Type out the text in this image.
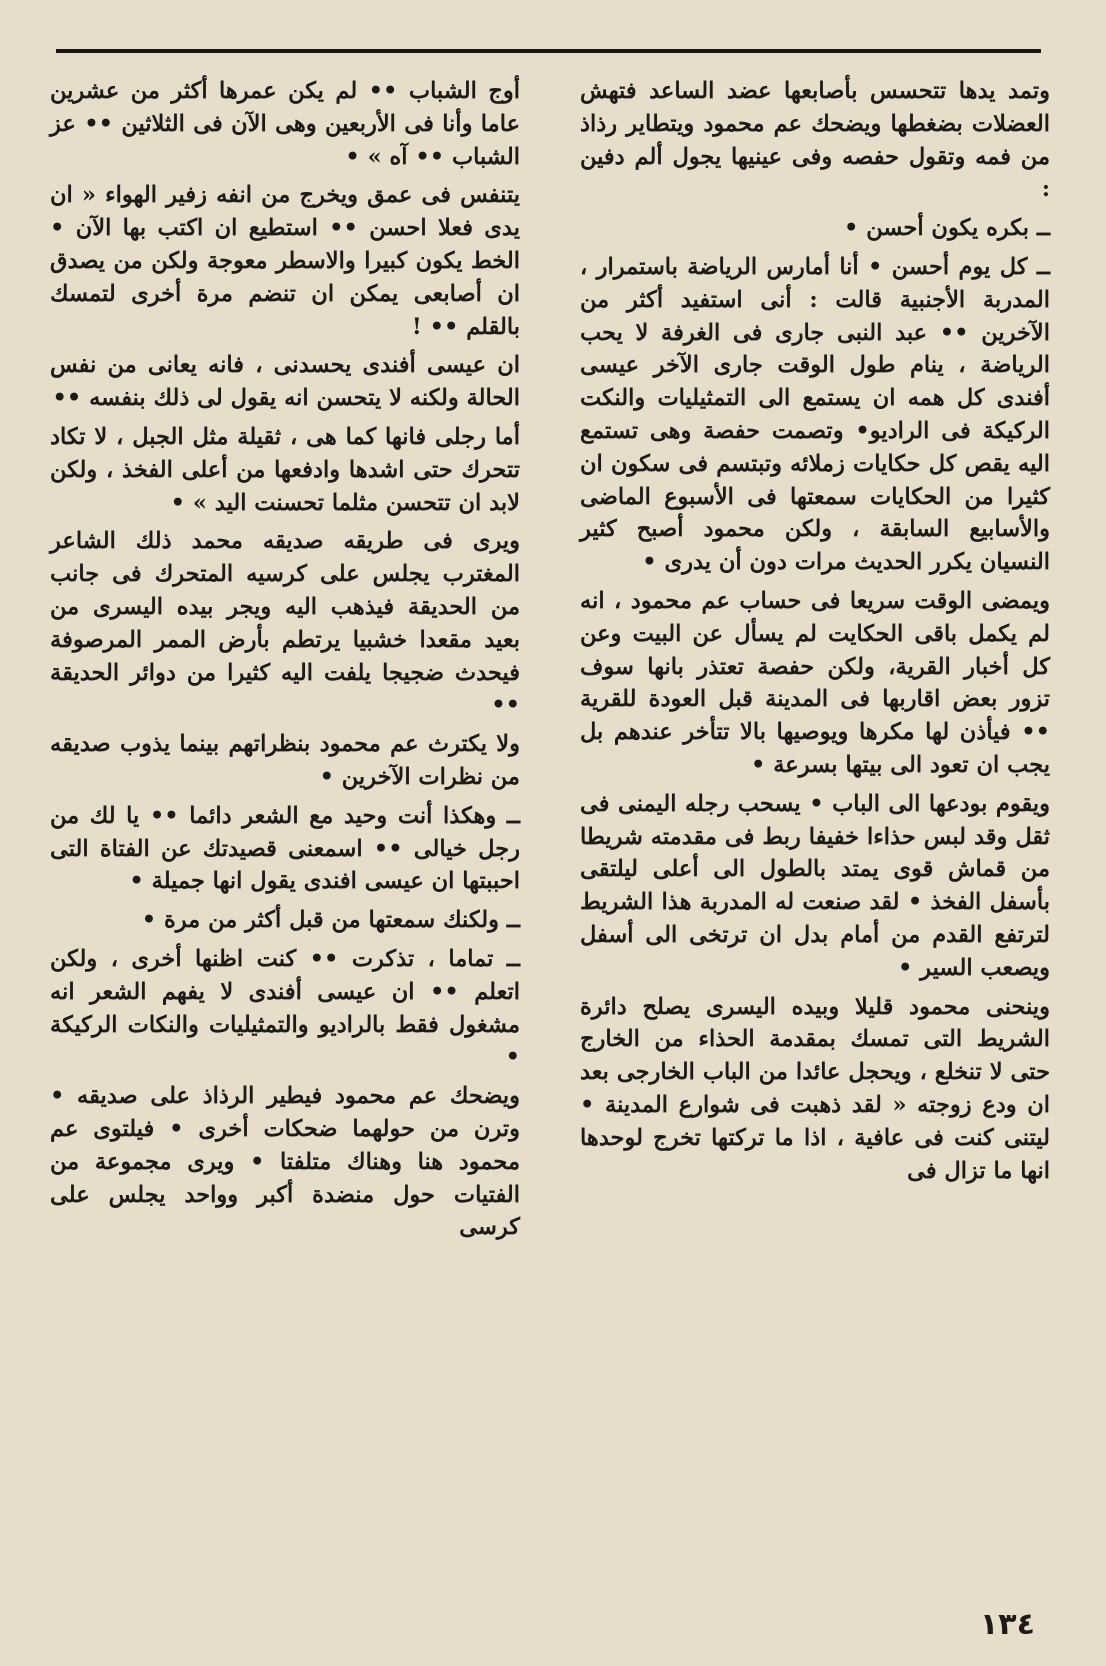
وتمد يدها تتحسس بأصابعها عضد الساعد فتهش العضلات بضغطها ويضحك عم محمود ويتطاير رذاذ من فمه وتقول حفصه وفى عينيها يجول ألم دفين :

ــ بكره يكون أحسن •

ــ كل يوم أحسن • أنا أمارس الرياضة باستمرار ، المدربة الأجنبية قالت : أنى استفيد أكثر من الآخرين •• عبد النبى جارى فى الغرفة لا يحب الرياضة ، ينام طول الوقت جارى الآخر عيسى أفندى كل همه ان يستمع الى التمثيليات والنكت الركيكة فى الراديو• وتصمت حفصة وهى تستمع اليه يقص كل حكايات زملائه وتبتسم فى سكون ان كثيرا من الحكايات سمعتها فى الأسبوع الماضى والأسابيع السابقة ، ولكن محمود أصبح كثير النسيان يكرر الحديث مرات دون أن يدرى •

ويمضى الوقت سريعا فى حساب عم محمود ، انه لم يكمل باقى الحكايت لم يسأل عن البيت وعن كل أخبار القرية، ولكن حفصة تعتذر بانها سوف تزور بعض اقاربها فى المدينة قبل العودة للقرية •• فيأذن لها مكرها ويوصيها بالا تتأخر عندهم بل يجب ان تعود الى بيتها بسرعة •

ويقوم بودعها الى الباب • يسحب رجله اليمنى فى ثقل وقد لبس حذاءا خفيفا ربط فى مقدمته شريطا من قماش قوى يمتد بالطول الى أعلى ليلتقى بأسفل الفخذ • لقد صنعت له المدربة هذا الشريط لترتفع القدم من أمام بدل ان ترتخى الى أسفل ويصعب السير •

وينحنى محمود قليلا وبيده اليسرى يصلح دائرة الشريط التى تمسك بمقدمة الحذاء من الخارج حتى لا تنخلع ، ويحجل عائدا من الباب الخارجى بعد ان ودع زوجته « لقد ذهبت فى شوارع المدينة • ليتنى كنت فى عافية ، اذا ما تركتها تخرج لوحدها انها ما تزال فى

أوج الشباب •• لم يكن عمرها أكثر من عشرين عاما وأنا فى الأربعين وهى الآن فى الثلاثين •• عز الشباب •• آه » •

يتنفس فى عمق ويخرج من انفه زفير الهواء « ان يدى فعلا احسن •• استطيع ان اكتب بها الآن • الخط يكون كبيرا والاسطر معوجة ولكن من يصدق ان أصابعى يمكن ان تنضم مرة أخرى لتمسك بالقلم •• !

ان عيسى أفندى يحسدنى ، فانه يعانى من نفس الحالة ولكنه لا يتحسن انه يقول لى ذلك بنفسه ••

أما رجلى فانها كما هى ، ثقيلة مثل الجبل ، لا تكاد تتحرك حتى اشدها وادفعها من أعلى الفخذ ، ولكن لابد ان تتحسن مثلما تحسنت اليد » •

ويرى فى طريقه صديقه محمد ذلك الشاعر المغترب يجلس على كرسيه المتحرك فى جانب من الحديقة فيذهب اليه ويجر بيده اليسرى من بعيد مقعدا خشبيا يرتطم بأرض الممر المرصوفة فيحدث ضجيجا يلفت اليه كثيرا من دوائر الحديقة ••

ولا يكترث عم محمود بنظراتهم بينما يذوب صديقه من نظرات الآخرين •

ــ وهكذا أنت وحيد مع الشعر دائما •• يا لك من رجل خيالى •• اسمعنى قصيدتك عن الفتاة التى احببتها ان عيسى افندى يقول انها جميلة •

ــ ولكنك سمعتها من قبل أكثر من مرة •

ــ تماما ، تذكرت •• كنت اظنها أخرى ، ولكن اتعلم •• ان عيسى أفندى لا يفهم الشعر انه مشغول فقط بالراديو والتمثيليات والنكات الركيكة •

ويضحك عم محمود فيطير الرذاذ على صديقه • وترن من حولهما ضحكات أخرى • فيلتوى عم محمود هنا وهناك متلفتا • ويرى مجموعة من الفتيات حول منضدة أكبر وواحد يجلس على كرسى

١٣٤
